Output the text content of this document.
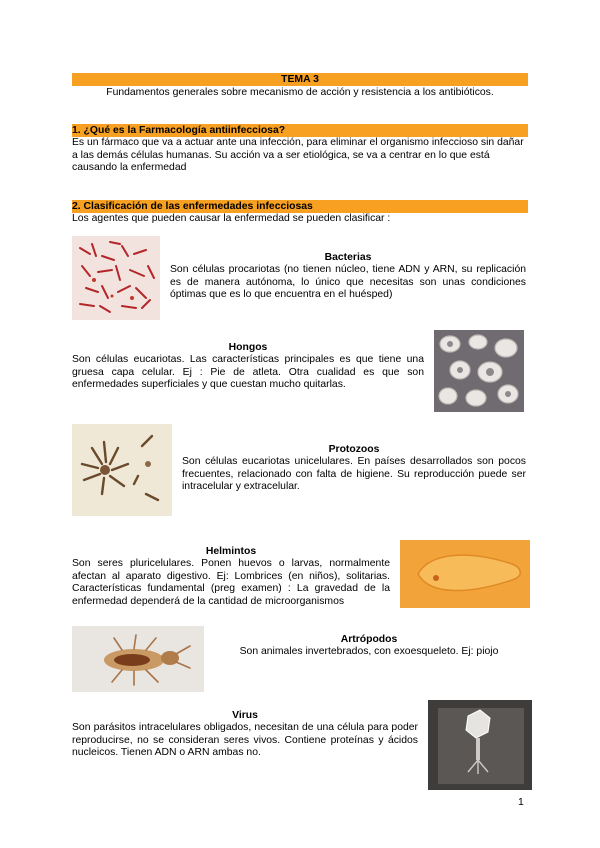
TEMA 3
Fundamentos generales sobre mecanismo de acción y resistencia a los antibióticos.
1. ¿Qué es la Farmacología antiinfecciosa?
Es un fármaco que va a actuar ante una infección, para eliminar el organismo infeccioso sin dañar a las demás células humanas. Su acción va a ser etiológica, se va a centrar en lo que está causando la enfermedad
2. Clasificación de las enfermedades infecciosas
Los agentes que pueden causar la enfermedad se pueden clasificar :
Bacterias
Son células procariotas (no tienen núcleo, tiene ADN y ARN, su replicación es de manera autónoma, lo único que necesitas son unas condiciones óptimas que es lo que encuentra en el huésped)
Hongos
Son células eucariotas. Las características principales es que tiene una gruesa capa celular. Ej : Pie de atleta. Otra cualidad es que son enfermedades superficiales y que cuestan mucho quitarlas.
Protozoos
Son células eucariotas unicelulares. En países desarrollados son pocos frecuentes, relacionado con falta de higiene. Su reproducción puede ser intracelular y extracelular.
Helmintos
Son seres pluricelulares. Ponen huevos o larvas, normalmente afectan al aparato digestivo. Ej: Lombrices (en niños), solitarias. Características fundamental (preg examen) : La gravedad de la enfermedad dependerá de la cantidad de microorganismos
Artrópodos
Son animales invertebrados, con exoesqueleto. Ej: piojo
Virus
Son parásitos intracelulares obligados, necesitan de una célula para poder reproducirse, no se consideran seres vivos. Contiene proteínas y ácidos nucleicos. Tienen ADN o ARN ambas no.
1
